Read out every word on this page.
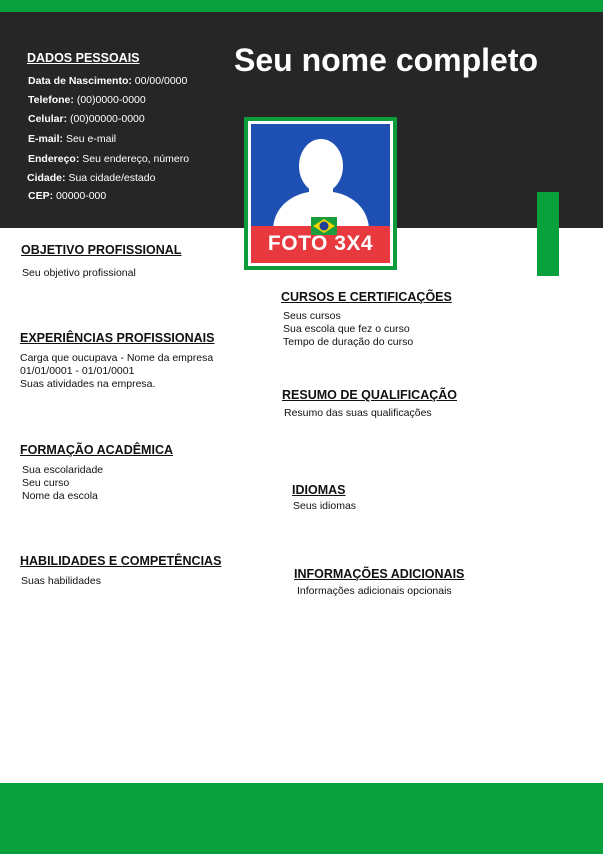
DADOS PESSOAIS
Data de Nascimento: 00/00/0000
Telefone: (00)0000-0000
Celular: (00)00000-0000
E-mail: Seu e-mail
Endereço: Seu endereço, número
Cidade: Sua cidade/estado
CEP: 00000-000
Seu nome completo
FOTO 3X4
OBJETIVO PROFISSIONAL
Seu objetivo profissional
EXPERIÊNCIAS PROFISSIONAIS
Carga que oucupava - Nome da empresa
01/01/0001 - 01/01/0001
Suas atividades na empresa.
FORMAÇÃO ACADÊMICA
Sua escolaridade
Seu curso
Nome da escola
HABILIDADES E COMPETÊNCIAS
Suas habilidades
CURSOS E CERTIFICAÇÕES
Seus cursos
Sua escola que fez o curso
Tempo de duração do curso
RESUMO DE QUALIFICAÇÃO
Resumo das suas qualificações
IDIOMAS
Seus idiomas
INFORMAÇÕES ADICIONAIS
Informações adicionais opcionais
